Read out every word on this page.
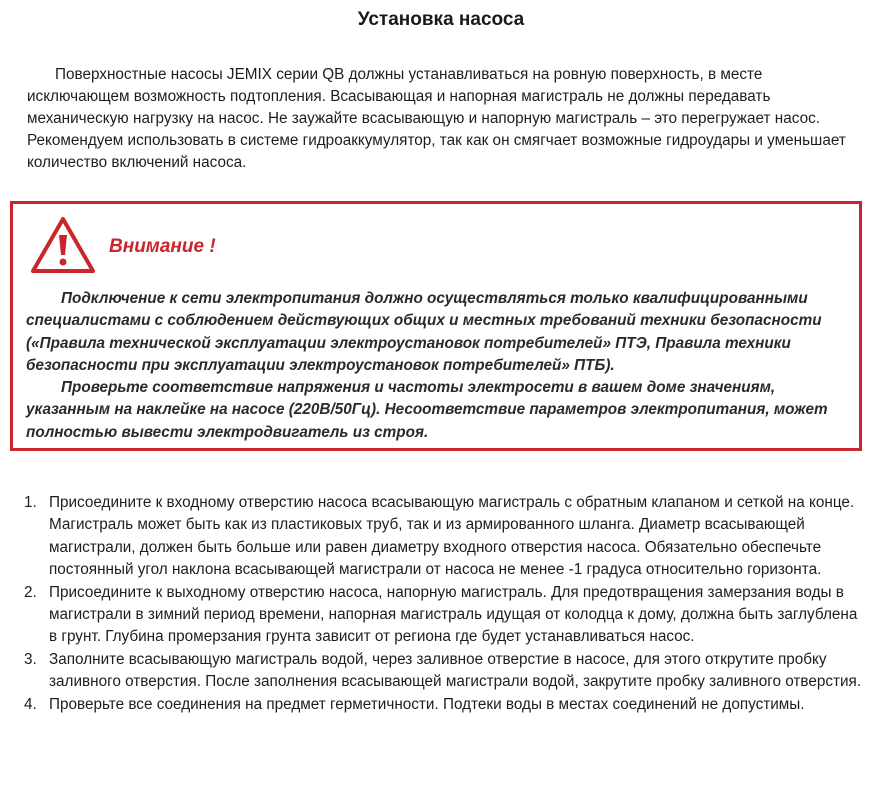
Установка насоса

Поверхностные насосы JEMIX серии QB должны устанавливаться на ровную поверхность, в месте исключающем возможность подтопления. Всасывающая и напорная магистраль не должны передавать механическую нагрузку на насос. Не заужайте всасывающую и напорную магистраль – это перегружает насос. Рекомендуем использовать в системе гидроаккумулятор, так как он смягчает возможные гидроудары и уменьшает количество включений насоса.

Внимание !

Подключение к сети электропитания должно осуществляться только квалифицированными специалистами с соблюдением действующих общих и местных требований техники безопасности («Правила технической эксплуатации электроустановок потребителей» ПТЭ, Правила техники безопасности при эксплуатации электроустановок потребителей» ПТБ).

Проверьте соответствие напряжения и частоты электросети в вашем доме значениям, указанным на наклейке на насосе (220В/50Гц). Несоответствие параметров электропитания, может полностью вывести электродвигатель из строя.

1. Присоедините к входному отверстию насоса всасывающую магистраль с обратным клапаном и сеткой на конце. Магистраль может быть как из пластиковых труб, так и из армированного шланга. Диаметр всасывающей магистрали, должен быть больше или равен диаметру входного отверстия насоса. Обязательно обеспечьте постоянный угол наклона всасывающей магистрали от насоса не менее -1 градуса относительно горизонта.
2. Присоедините к выходному отверстию насоса, напорную магистраль. Для предотвращения замерзания воды в магистрали в зимний период времени, напорная магистраль идущая от колодца к дому, должна быть заглублена в грунт. Глубина промерзания грунта зависит от региона где будет устанавливаться насос.
3. Заполните всасывающую магистраль водой, через заливное отверстие в насосе, для этого открутите пробку заливного отверстия. После заполнения всасывающей магистрали водой, закрутите пробку заливного отверстия.
4. Проверьте все соединения на предмет герметичности. Подтеки воды в местах соединений не допустимы.
